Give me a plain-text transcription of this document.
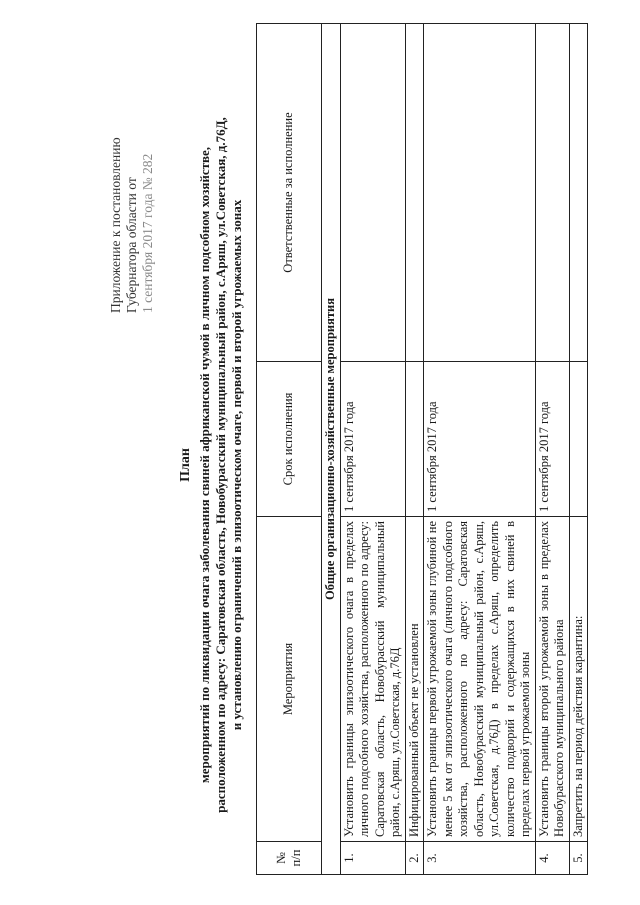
Приложение к постановлению Губернатора области от 1 сентября 2017 года № 282
План мероприятий по ликвидации очага заболевания свиней африканской чумой в личном подсобном хозяйстве, расположенном по адресу: Саратовская область, Новобурасский муниципальный район, с.Аряш, ул.Советская, д.76Д, и установлению ограничений в эпизоотическом очаге, первой и второй угрожаемых зонах
№ п/п	Мероприятия	Срок исполнения	Ответственные за исполнение
Общие организационно-хозяйственные мероприятия			
1.	Установить границы эпизоотического очага в пределах личного подсобного хозяйства, расположенного по адресу: Саратовская область, Новобурасский муниципальный район, с.Аряш, ул.Советская, д.76Д	1 сентября 2017 года	
2.	Инфицированный объект не установлен		
3.	Установить границы первой угрожаемой зоны глубиной не менее 5 км от эпизоотического очага (личного подсобного хозяйства, расположенного по адресу: Саратовская область, Новобурасский муниципальный район, с.Аряш, ул.Советская, д.76Д) в пределах с.Аряш, определить количество подворий и содержащихся в них свиней в пределах первой угрожаемой зоны	1 сентября 2017 года	
4.	Установить границы второй угрожаемой зоны в пределах Новобурасского муниципального района	1 сентября 2017 года	
5.	Запретить на период действия карантина:		
